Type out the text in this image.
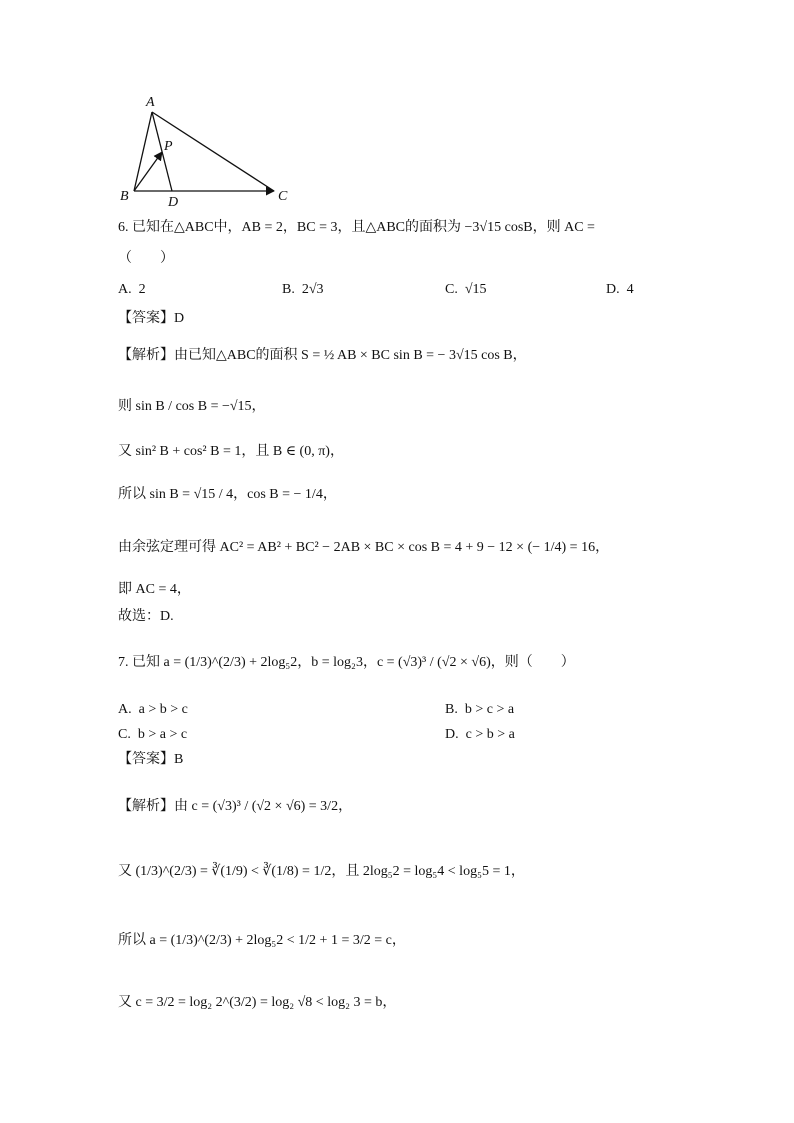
A
B	C
D
P
6. 已知在△ABC中，AB = 2，BC = 3，且△ABC的面积为 −3√15 cosB，则 AC =
（　　）
A. 2	B. 2√3	C. √15	D. 4
【答案】D
【解析】由已知△ABC的面积 S = ½ AB × BC sin B = − 3√15 cos B，
则 sin B / cos B = −√15，
又 sin² B + cos² B = 1，且 B ∈ (0, π)，
所以 sin B = √15 / 4，cos B = − 1/4，
由余弦定理可得 AC² = AB² + BC² − 2AB × BC × cos B = 4 + 9 − 12 × (− 1/4) = 16，
即 AC = 4，
故选：D.
7. 已知 a = (1/3)^(2/3) + 2log₅2，b = log₂3，c = (√3)³ / (√2 × √6)，则（　　）
A. a > b > c	B. b > c > a
C. b > a > c	D. c > b > a
【答案】B
【解析】由 c = (√3)³ / (√2 × √6) = 3/2，
又 (1/3)^(2/3) = ∛(1/9) < ∛(1/8) = 1/2，且 2log₅2 = log₅4 < log₅5 = 1，
所以 a = (1/3)^(2/3) + 2log₅2 < 1/2 + 1 = 3/2 = c，
又 c = 3/2 = log₂ 2^(3/2) = log₂ √8 < log₂ 3 = b，
